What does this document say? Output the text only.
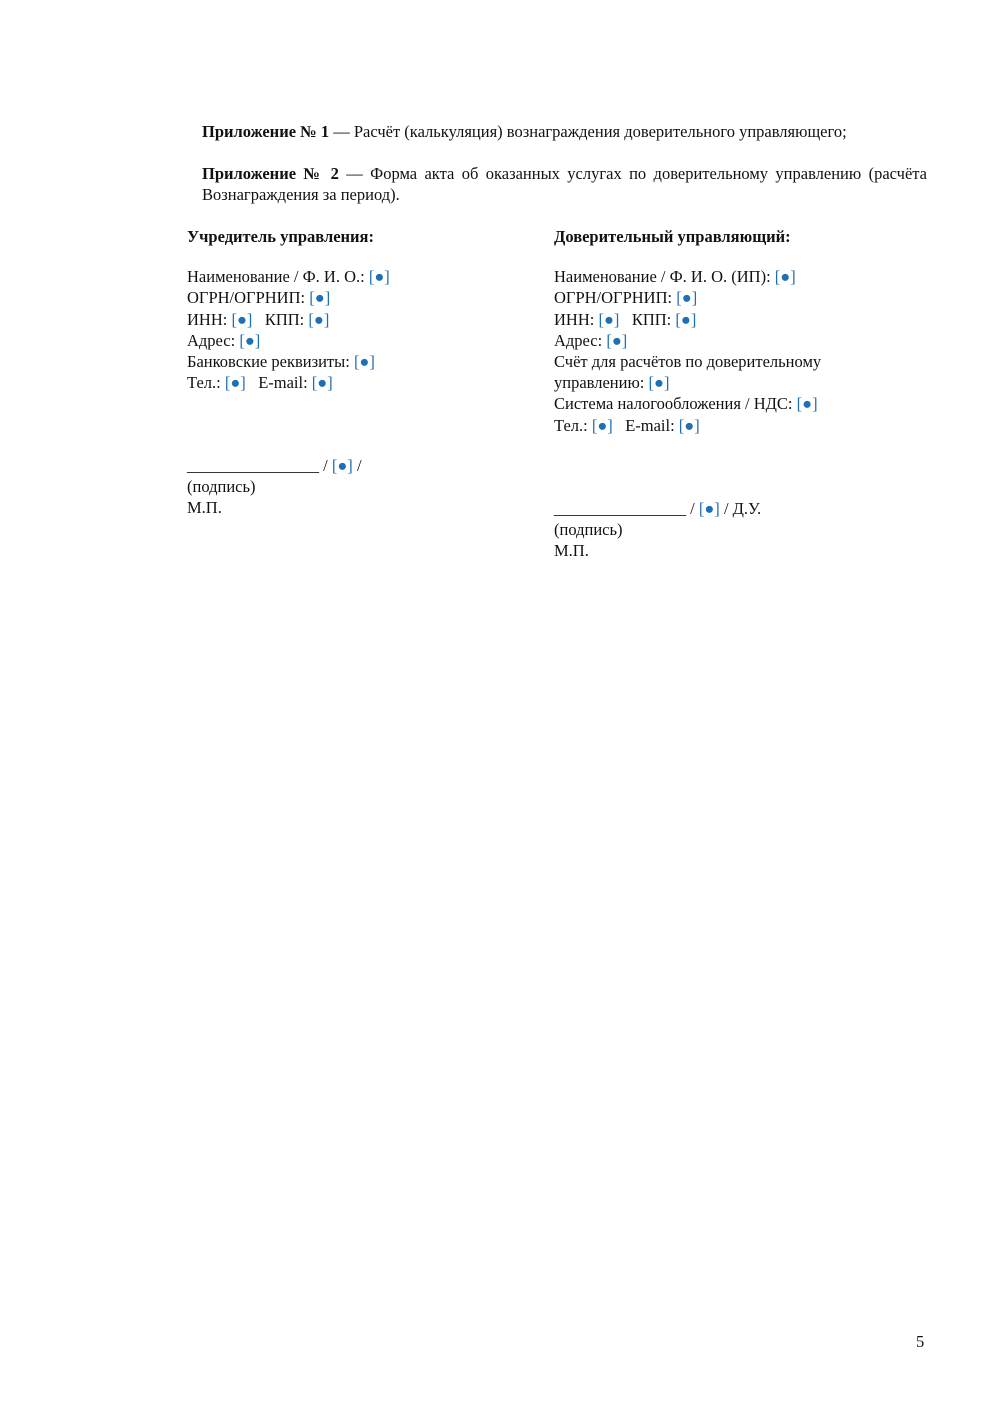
Приложение № 1 — Расчёт (калькуляция) вознаграждения доверительного управляющего;
Приложение № 2 — Форма акта об оказанных услугах по доверительному управлению (расчёта Вознаграждения за период).
Учредитель управления:
Наименование / Ф. И. О.: [●]
ОГРН/ОГРНИП: [●]
ИНН: [●] КПП: [●]
Адрес: [●]
Банковские реквизиты: [●]
Тел.: [●] E-mail: [●]
________________ / [●] /
(подпись)
М.П.
Доверительный управляющий:
Наименование / Ф. И. О. (ИП): [●]
ОГРН/ОГРНИП: [●]
ИНН: [●] КПП: [●]
Адрес: [●]
Счёт для расчётов по доверительному
управлению: [●]
Система налогообложения / НДС: [●]
Тел.: [●] E-mail: [●]
________________ / [●] / Д.У.
(подпись)
М.П.
5
